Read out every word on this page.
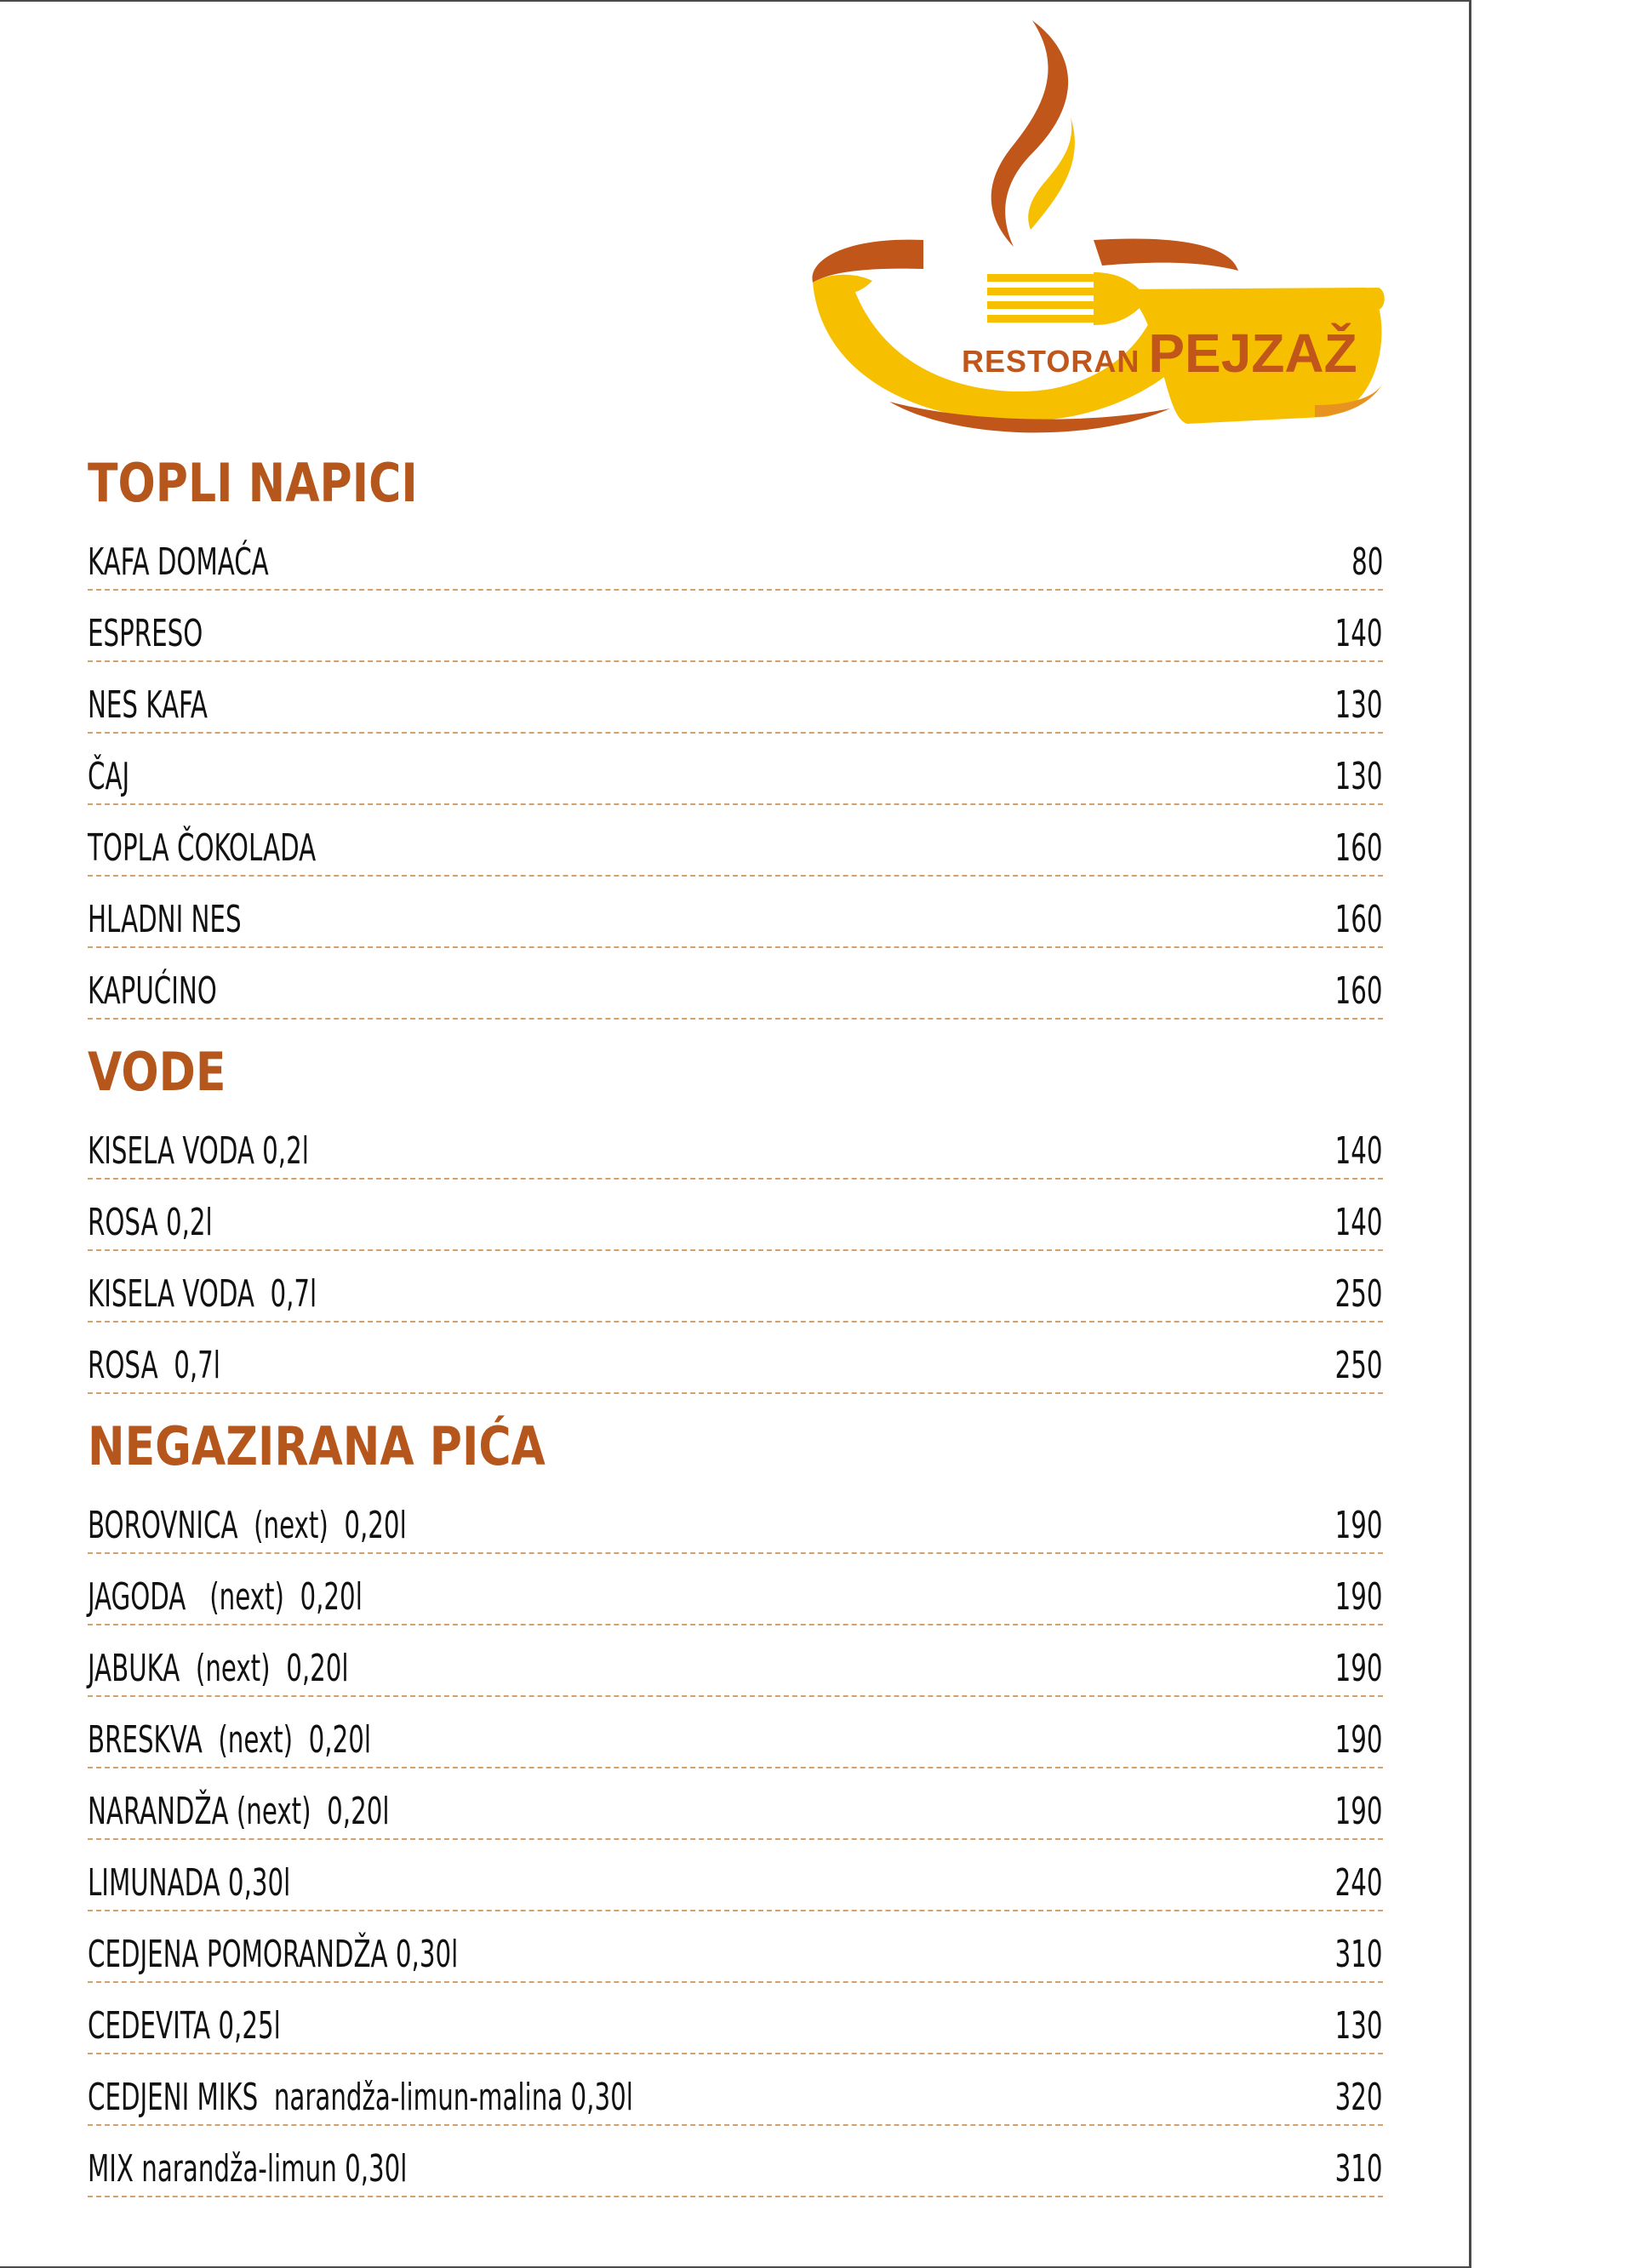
RESTORAN PEJZAŽ
TOPLI NAPICI
KAFA DOMAĆA	80
ESPRESO	140
NES KAFA	130
ČAJ	130
TOPLA ČOKOLADA	160
HLADNI NES	160
KAPUĆINO	160
VODE
KISELA VODA 0,2l	140
ROSA 0,2l	140
KISELA VODA  0,7l	250
ROSA  0,7l	250
NEGAZIRANA PIĆA
BOROVNICA  (next)  0,20l	190
JAGODA   (next)  0,20l	190
JABUKA  (next)  0,20l	190
BRESKVA  (next)  0,20l	190
NARANDŽA (next)  0,20l	190
LIMUNADA 0,30l	240
CEDJENA POMORANDŽA 0,30l	310
CEDEVITA 0,25l	130
CEDJENI MIKS  narandža-limun-malina 0,30l	320
MIX narandža-limun 0,30l	310
